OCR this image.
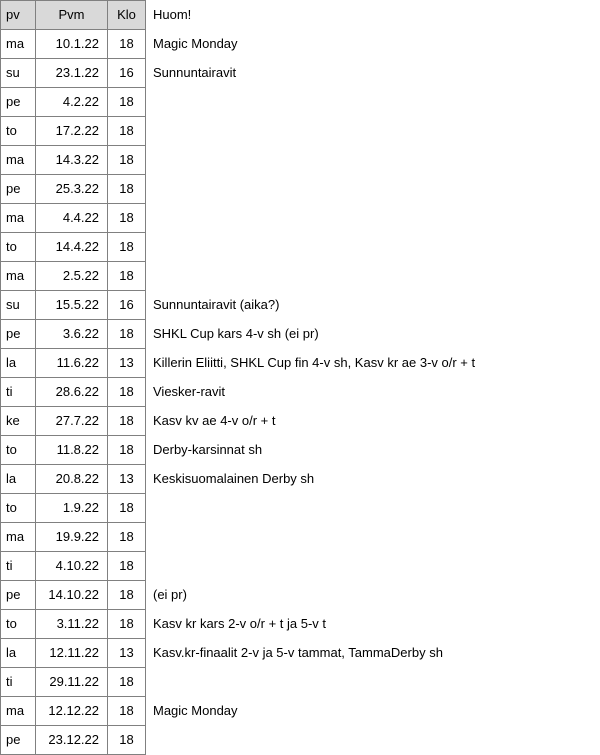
pv	Pvm	Klo	Huom!
ma	10.1.22	18	Magic Monday
su	23.1.22	16	Sunnuntairavit
pe	4.2.22	18	
to	17.2.22	18	
ma	14.3.22	18	
pe	25.3.22	18	
ma	4.4.22	18	
to	14.4.22	18	
ma	2.5.22	18	
su	15.5.22	16	Sunnuntairavit (aika?)
pe	3.6.22	18	SHKL Cup kars 4-v sh (ei pr)
la	11.6.22	13	Killerin Eliitti, SHKL Cup fin 4-v sh, Kasv kr ae 3-v o/r + t
ti	28.6.22	18	Viesker-ravit
ke	27.7.22	18	Kasv kv ae 4-v o/r + t
to	11.8.22	18	Derby-karsinnat sh
la	20.8.22	13	Keskisuomalainen Derby sh
to	1.9.22	18	
ma	19.9.22	18	
ti	4.10.22	18	
pe	14.10.22	18	(ei pr)
to	3.11.22	18	Kasv kr kars 2-v o/r + t ja 5-v t
la	12.11.22	13	Kasv.kr-finaalit 2-v ja 5-v tammat, TammaDerby sh
ti	29.11.22	18	
ma	12.12.22	18	Magic Monday
pe	23.12.22	18	
